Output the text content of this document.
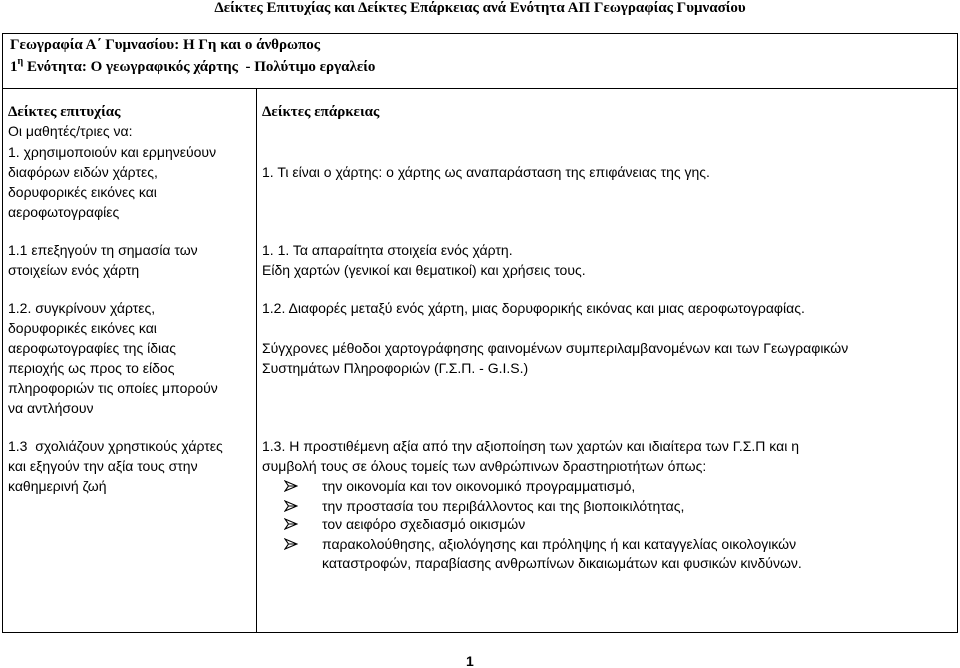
Δείκτες Επιτυχίας και Δείκτες Επάρκειας ανά Ενότητα ΑΠ Γεωγραφίας Γυμνασίου
Γεωγραφία Α΄ Γυμνασίου: Η Γη και ο άνθρωπος
$1^\eta$ Ενότητα: Ο γεωγραφικός χάρτης  - Πολύτιμο εργαλείο
Δείκτες επιτυχίας
Οι μαθητές/τριες να:
1. χρησιμοποιούν και ερμηνεύουν
διαφόρων ειδών χάρτες,
δορυφορικές εικόνες και
αεροφωτογραφίες
1.1 επεξηγούν τη σημασία των
στοιχείων ενός χάρτη
1.2. συγκρίνουν χάρτες,
δορυφορικές εικόνες και
αεροφωτογραφίες της ίδιας
περιοχής ως προς το είδος
πληροφοριών τις οποίες μπορούν
να αντλήσουν
1.3  σχολιάζουν χρηστικούς χάρτες
και εξηγούν την αξία τους στην
καθημερινή ζωή
Δείκτες επάρκειας
1. Τι είναι ο χάρτης: ο χάρτης ως αναπαράσταση της επιφάνειας της γης.
1. 1. Τα απαραίτητα στοιχεία ενός χάρτη.
Είδη χαρτών (γενικοί και θεματικοί) και χρήσεις τους.
1.2. Διαφορές μεταξύ ενός χάρτη, μιας δορυφορικής εικόνας και μιας αεροφωτογραφίας.
Σύγχρονες μέθοδοι χαρτογράφησης φαινομένων συμπεριλαμβανομένων και των Γεωγραφικών
Συστημάτων Πληροφοριών (Γ.Σ.Π. - G.I.S.)
1.3. Η προστιθέμενη αξία από την αξιοποίηση των χαρτών και ιδιαίτερα των Γ.Σ.Π και η
συμβολή τους σε όλους τομείς των ανθρώπινων δραστηριοτήτων όπως:
την οικονομία και τον οικονομικό προγραμματισμό,
την προστασία του περιβάλλοντος και της βιοποικιλότητας,
τον αειφόρο σχεδιασμό οικισμών
παρακολούθησης, αξιολόγησης και πρόληψης ή και καταγγελίας οικολογικών
καταστροφών, παραβίασης ανθρωπίνων δικαιωμάτων και φυσικών κινδύνων.
1
